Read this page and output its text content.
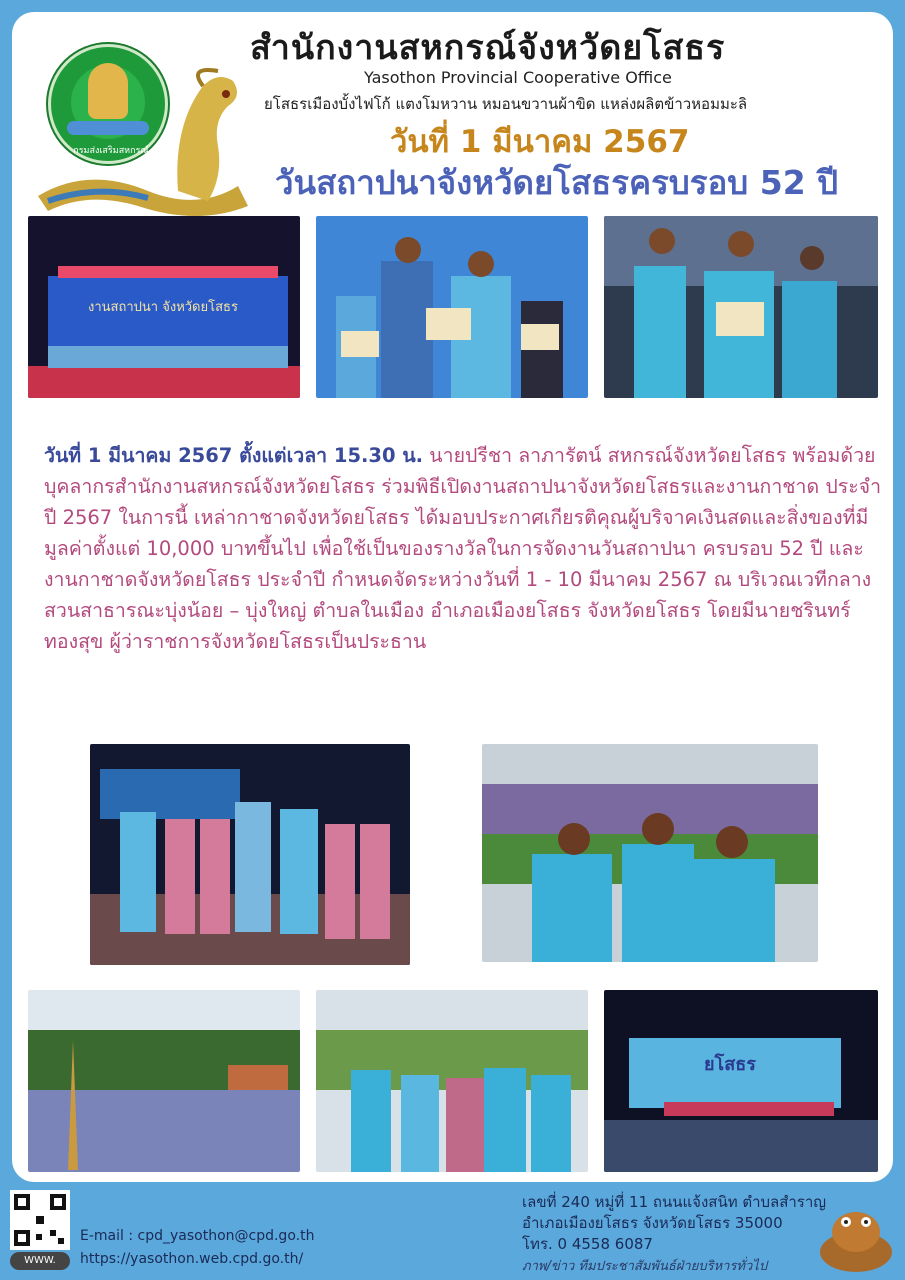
กรมส่งเสริมสหกรณ์
สำนักงานสหกรณ์จังหวัดยโสธร
Yasothon Provincial Cooperative Office
ยโสธรเมืองบั้งไฟโก้ แตงโมหวาน หมอนขวานผ้าขิด แหล่งผลิตข้าวหอมมะลิ
วันที่ 1 มีนาคม 2567
วันสถาปนาจังหวัดยโสธรครบรอบ 52 ปี
งานสถาปนา จังหวัดยโสธร
วันที่ 1 มีนาคม 2567 ตั้งแต่เวลา 15.30 น. นายปรีชา ลาภารัตน์ สหกรณ์จังหวัดยโสธร พร้อมด้วยบุคลากรสำนักงานสหกรณ์จังหวัดยโสธร ร่วมพิธีเปิดงานสถาปนาจังหวัดยโสธรและงานกาชาด ประจำปี 2567 ในการนี้ เหล่ากาชาดจังหวัดยโสธร ได้มอบประกาศเกียรติคุณผู้บริจาคเงินสดและสิ่งของที่มีมูลค่าตั้งแต่ 10,000 บาทขึ้นไป เพื่อใช้เป็นของรางวัลในการจัดงานวันสถาปนา ครบรอบ 52 ปี และงานกาชาดจังหวัดยโสธร ประจำปี กำหนดจัดระหว่างวันที่ 1 - 10 มีนาคม 2567 ณ บริเวณเวทีกลางสวนสาธารณะบุ่งน้อย – บุ่งใหญ่ ตำบลในเมือง อำเภอเมืองยโสธร จังหวัดยโสธร โดยมีนายชรินทร์ ทองสุข ผู้ว่าราชการจังหวัดยโสธรเป็นประธาน
ยโสธร
WWW.
E-mail : cpd_yasothon@cpd.go.th
https://yasothon.web.cpd.go.th/
เลขที่ 240 หมู่ที่ 11 ถนนแจ้งสนิท ตำบลสำราญ
อำเภอเมืองยโสธร จังหวัดยโสธร 35000
โทร. 0 4558 6087
ภาพ/ข่าว ทีมประชาสัมพันธ์ฝ่ายบริหารทั่วไป
